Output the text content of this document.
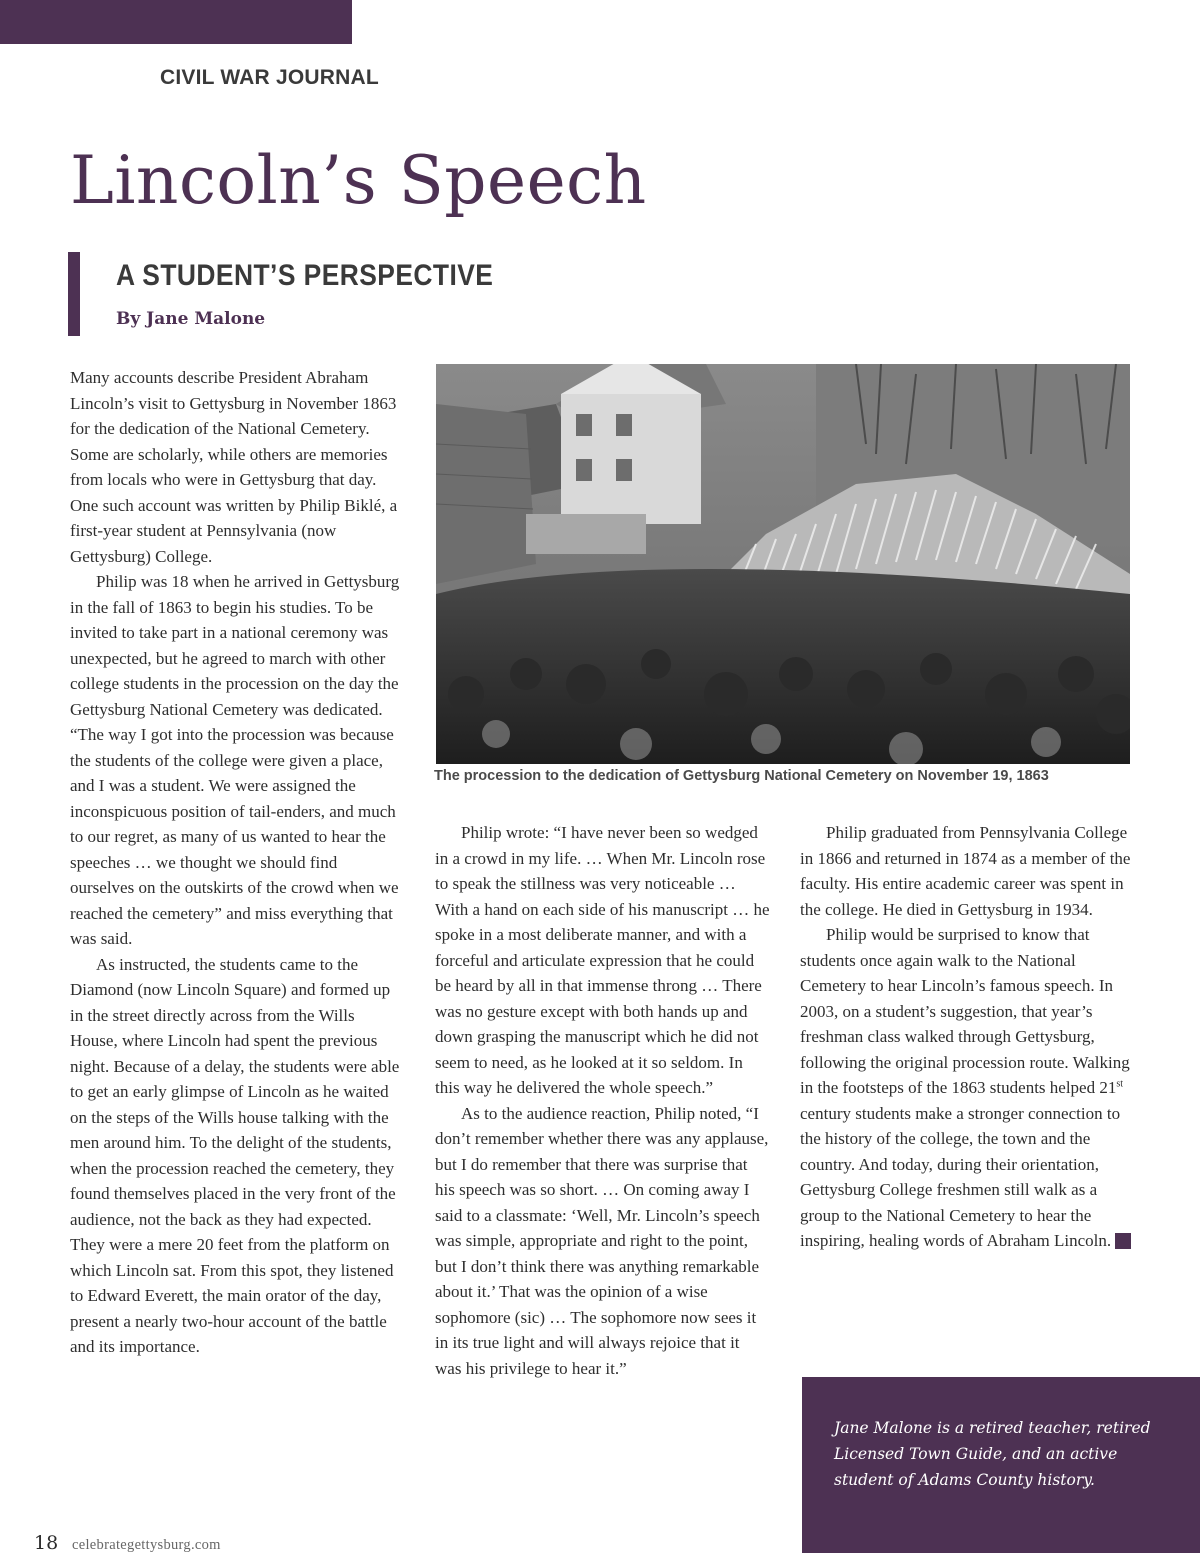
CIVIL WAR JOURNAL
Lincoln’s Speech
A STUDENT’S PERSPECTIVE
By Jane Malone

Many accounts describe President Abraham Lincoln’s visit to Gettysburg in November 1863 for the dedication of the National Cemetery. Some are scholarly, while others are memories from locals who were in Gettysburg that day. One such account was written by Philip Biklé, a first-year student at Pennsylvania (now Gettysburg) College.

Philip was 18 when he arrived in Gettysburg in the fall of 1863 to begin his studies. To be invited to take part in a national ceremony was unexpected, but he agreed to march with other college students in the procession on the day the Gettysburg National Cemetery was dedicated. “The way I got into the procession was because the students of the college were given a place, and I was a student. We were assigned the inconspicuous position of tail-enders, and much to our regret, as many of us wanted to hear the speeches … we thought we should find ourselves on the outskirts of the crowd when we reached the cemetery” and miss everything that was said.

As instructed, the students came to the Diamond (now Lincoln Square) and formed up in the street directly across from the Wills House, where Lincoln had spent the previous night. Because of a delay, the students were able to get an early glimpse of Lincoln as he waited on the steps of the Wills house talking with the men around him. To the delight of the students, when the procession reached the cemetery, they found themselves placed in the very front of the audience, not the back as they had expected. They were a mere 20 feet from the platform on which Lincoln sat. From this spot, they listened to Edward Everett, the main orator of the day, present a nearly two-hour account of the battle and its importance.

The procession to the dedication of Gettysburg National Cemetery on November 19, 1863

Philip wrote: “I have never been so wedged in a crowd in my life. … When Mr. Lincoln rose to speak the stillness was very noticeable … With a hand on each side of his manuscript … he spoke in a most deliberate manner, and with a forceful and articulate expression that he could be heard by all in that immense throng … There was no gesture except with both hands up and down grasping the manuscript which he did not seem to need, as he looked at it so seldom. In this way he delivered the whole speech.”

As to the audience reaction, Philip noted, “I don’t remember whether there was any applause, but I do remember that there was surprise that his speech was so short. … On coming away I said to a classmate: ‘Well, Mr. Lincoln’s speech was simple, appropriate and right to the point, but I don’t think there was anything remarkable about it.’ That was the opinion of a wise sophomore (sic) … The sophomore now sees it in its true light and will always rejoice that it was his privilege to hear it.”

Philip graduated from Pennsylvania College in 1866 and returned in 1874 as a member of the faculty. His entire academic career was spent in the college. He died in Gettysburg in 1934.

Philip would be surprised to know that students once again walk to the National Cemetery to hear Lincoln’s famous speech. In 2003, on a student’s suggestion, that year’s freshman class walked through Gettysburg, following the original procession route. Walking in the footsteps of the 1863 students helped 21st century students make a stronger connection to the history of the college, the town and the country. And today, during their orientation, Gettysburg College freshmen still walk as a group to the National Cemetery to hear the inspiring, healing words of Abraham Lincoln.	G

Jane Malone is a retired teacher, retired Licensed Town Guide, and an active student of Adams County history.
18 celebrategettysburg.com
